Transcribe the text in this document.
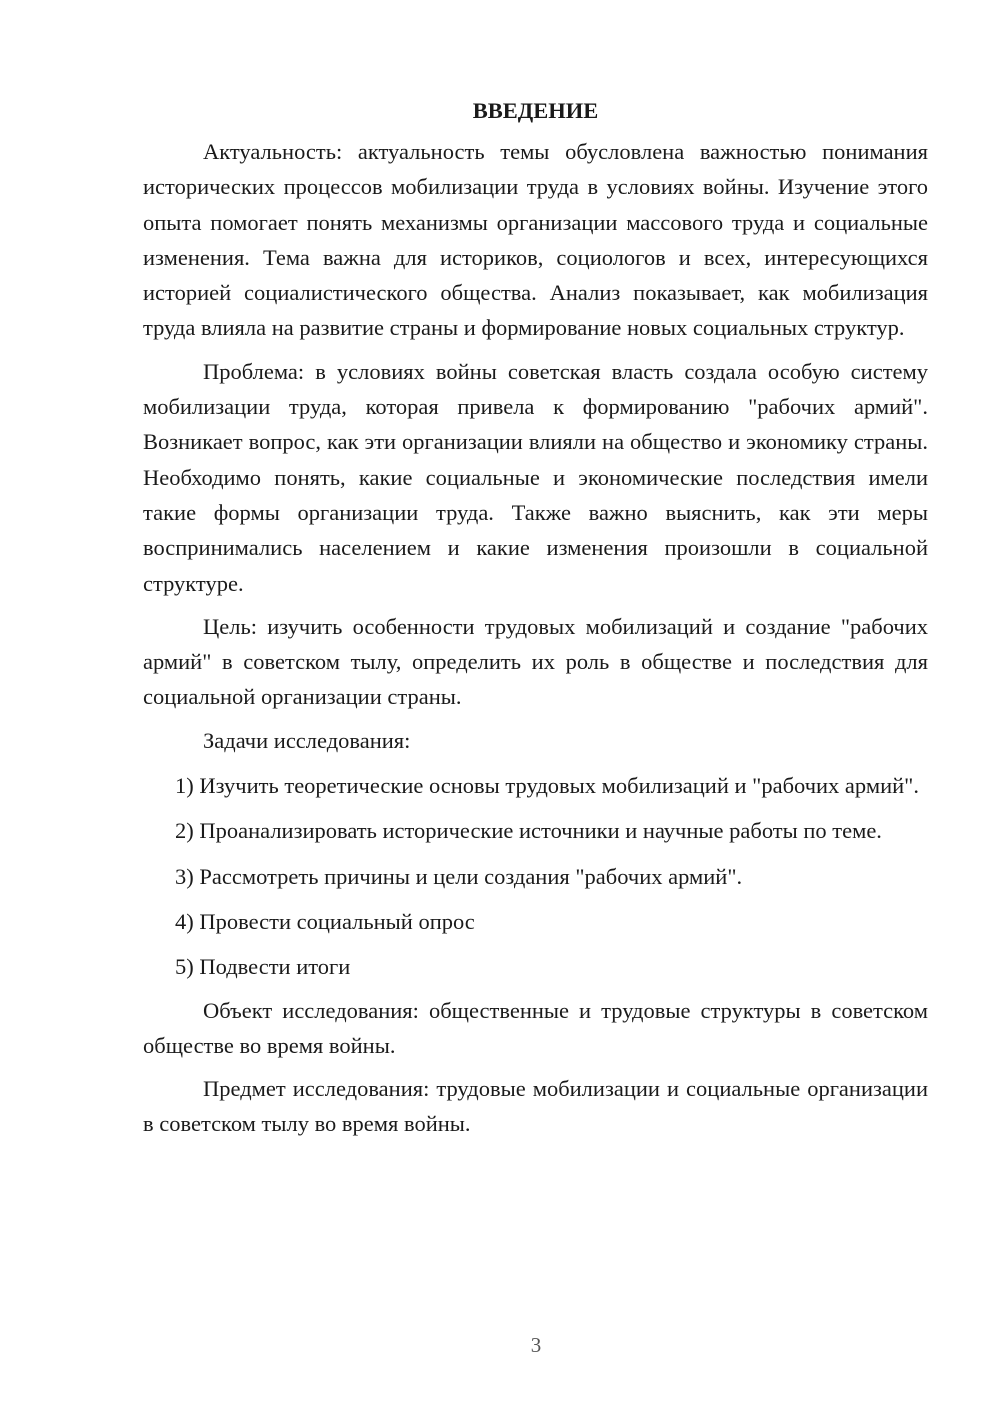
ВВЕДЕНИЕ

Актуальность: актуальность темы обусловлена важностью понимания исторических процессов мобилизации труда в условиях войны. Изучение этого опыта помогает понять механизмы организации массового труда и социальные изменения. Тема важна для историков, социологов и всех, интересующихся историей социалистического общества. Анализ показывает, как мобилизация труда влияла на развитие страны и формирование новых социальных структур.

Проблема: в условиях войны советская власть создала особую систему мобилизации труда, которая привела к формированию "рабочих армий". Возникает вопрос, как эти организации влияли на общество и экономику страны. Необходимо понять, какие социальные и экономические последствия имели такие формы организации труда. Также важно выяснить, как эти меры воспринимались населением и какие изменения произошли в социальной структуре.

Цель: изучить особенности трудовых мобилизаций и создание "рабочих армий" в советском тылу, определить их роль в обществе и последствия для социальной организации страны.

Задачи исследования:

1) Изучить теоретические основы трудовых мобилизаций и "рабочих армий".

2) Проанализировать исторические источники и научные работы по теме.

3) Рассмотреть причины и цели создания "рабочих армий".

4) Провести социальный опрос

5) Подвести итоги

Объект исследования: общественные и трудовые структуры в советском обществе во время войны.

Предмет исследования: трудовые мобилизации и социальные организации в советском тылу во время войны.

3
